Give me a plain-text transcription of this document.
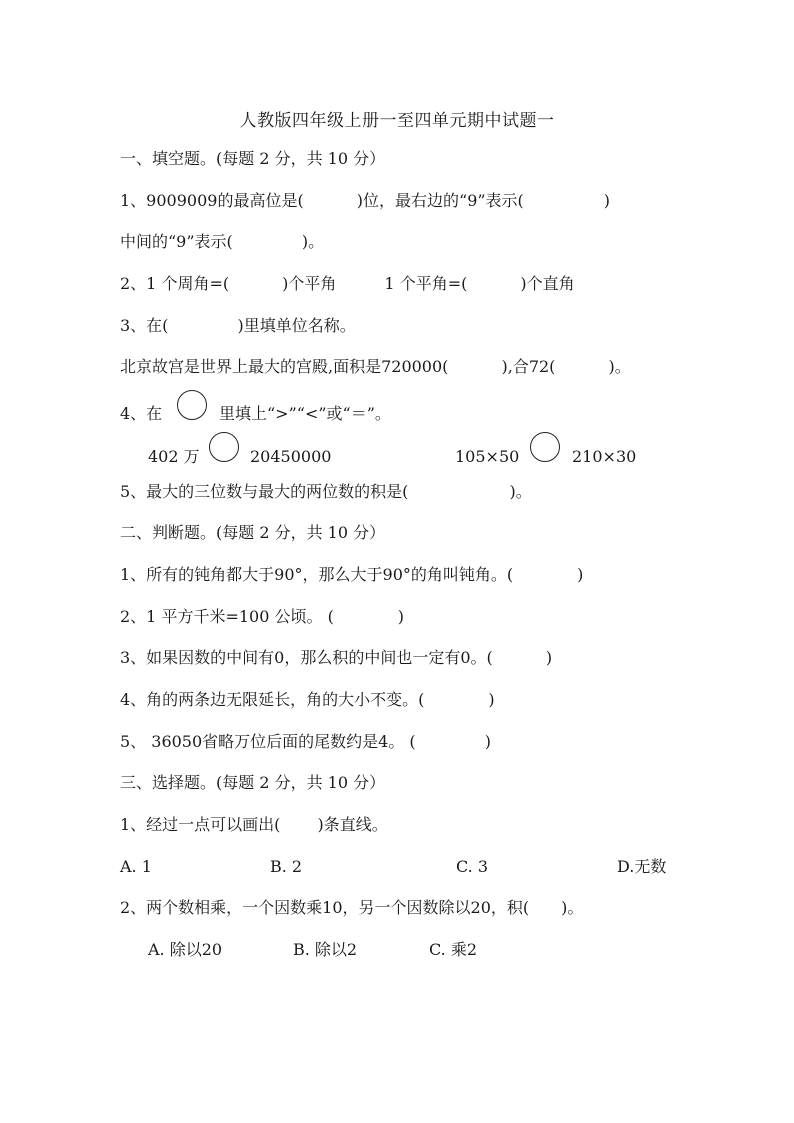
人教版四年级上册一至四单元期中试题一
一、填空题。(每题 2 分，共 10 分）
1、9009009的最高位是(　　　 )位，最右边的“9”表示(　　　　　)
中间的“9”表示(　　　　 )。
2、1 个周角=(　　　 )个平角　　　1 个平角=(　　　 )个直角
3、在(　　　　 )里填单位名称。
北京故宫是世界上最大的宫殿,面积是720000(　　　 ),合72(　　　 )。
4、在	里填上“>”“<”或“＝”。
402 万	20450000	105×50	210×30
5、最大的三位数与最大的两位数的积是(　　　　　　 )。
二、判断题。(每题 2 分，共 10 分）
1、所有的钝角都大于90°，那么大于90°的角叫钝角。(　　　　)
2、1 平方千米=100 公顷。 (　　　　)
3、如果因数的中间有0，那么积的中间也一定有0。(　　　 )
4、角的两条边无限延长，角的大小不变。(　　　　)
5、 36050省略万位后面的尾数约是4。 (　　　　 )
三、选择题。(每题 2 分，共 10 分）
1、经过一点可以画出(　　 )条直线。
A. 1	B. 2	C. 3	D.无数
2、两个数相乘，一个因数乘10，另一个因数除以20，积(　　)。
A. 除以20	B. 除以2	C. 乘2
